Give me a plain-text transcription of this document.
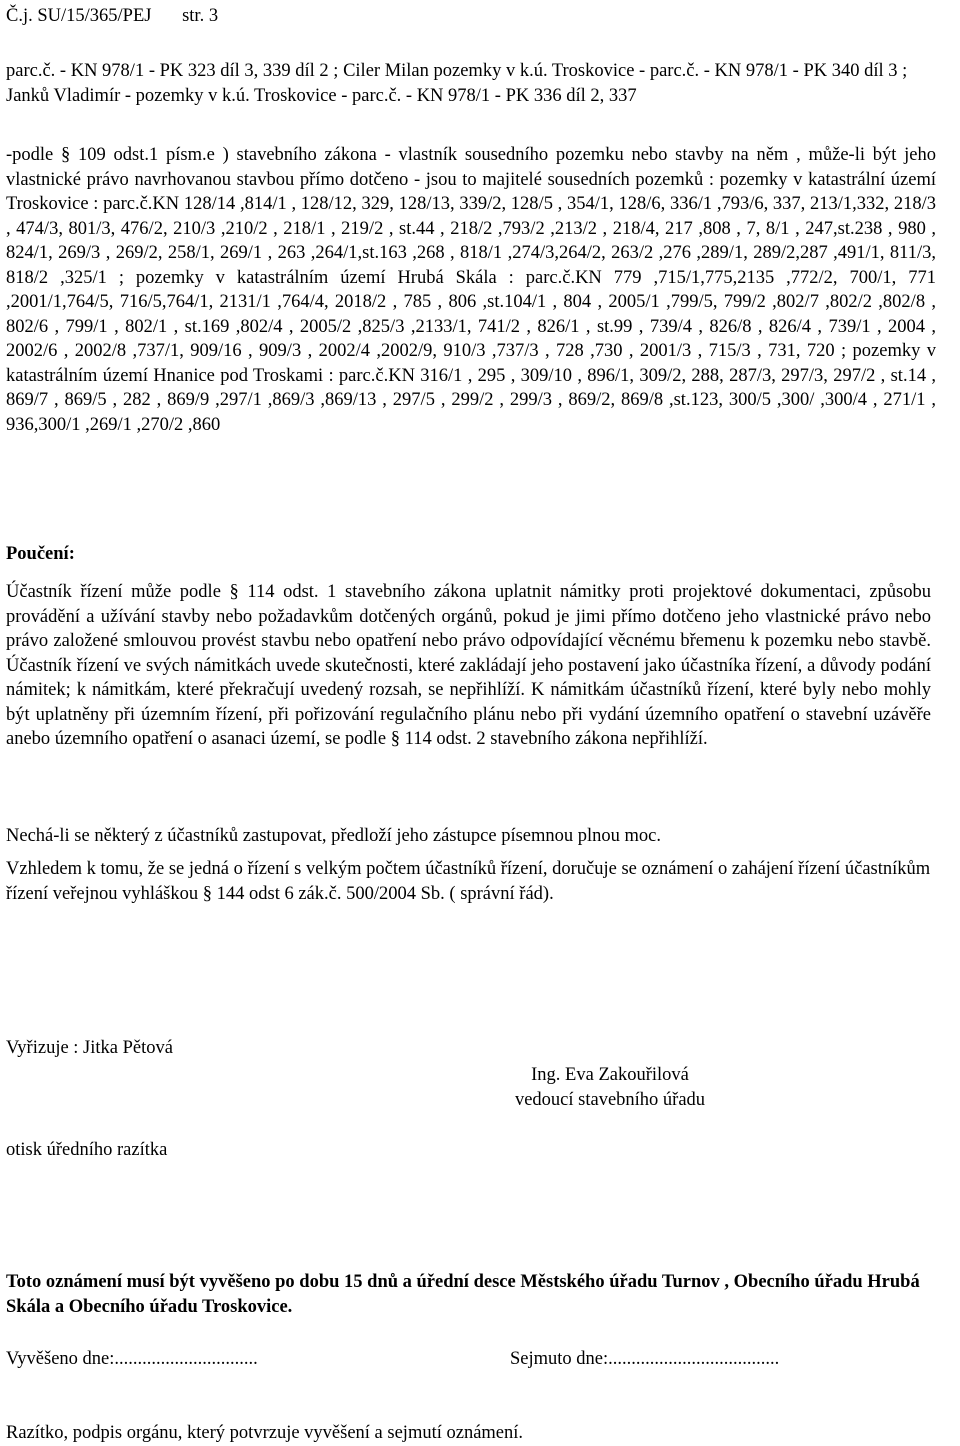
Č.j. SU/15/365/PEJ str. 3

parc.č. - KN 978/1 - PK 323 díl 3, 339 díl 2 ; Ciler Milan pozemky v k.ú. Troskovice - parc.č. - KN 978/1 - PK 340 díl 3 ; Janků Vladimír - pozemky v k.ú. Troskovice - parc.č. - KN 978/1 - PK 336 díl 2, 337

-podle § 109 odst.1 písm.e ) stavebního zákona - vlastník sousedního pozemku nebo stavby na něm , může-li být jeho vlastnické právo navrhovanou stavbou přímo dotčeno - jsou to majitelé sousedních pozemků : pozemky v katastrální území Troskovice : parc.č.KN 128/14 ,814/1 , 128/12, 329, 128/13, 339/2, 128/5 , 354/1, 128/6, 336/1 ,793/6, 337, 213/1,332, 218/3 , 474/3, 801/3, 476/2, 210/3 ,210/2 , 218/1 , 219/2 , st.44 , 218/2 ,793/2 ,213/2 , 218/4, 217 ,808 , 7, 8/1 , 247,st.238 , 980 , 824/1, 269/3 , 269/2, 258/1, 269/1 , 263 ,264/1,st.163 ,268 , 818/1 ,274/3,264/2, 263/2 ,276 ,289/1, 289/2,287 ,491/1, 811/3, 818/2 ,325/1 ; pozemky v katastrálním území Hrubá Skála : parc.č.KN 779 ,715/1,775,2135 ,772/2, 700/1, 771 ,2001/1,764/5, 716/5,764/1, 2131/1 ,764/4, 2018/2 , 785 , 806 ,st.104/1 , 804 , 2005/1 ,799/5, 799/2 ,802/7 ,802/2 ,802/8 , 802/6 , 799/1 , 802/1 , st.169 ,802/4 , 2005/2 ,825/3 ,2133/1, 741/2 , 826/1 , st.99 , 739/4 , 826/8 , 826/4 , 739/1 , 2004 , 2002/6 , 2002/8 ,737/1, 909/16 , 909/3 , 2002/4 ,2002/9, 910/3 ,737/3 , 728 ,730 , 2001/3 , 715/3 , 731, 720 ; pozemky v katastrálním území Hnanice pod Troskami : parc.č.KN 316/1 , 295 , 309/10 , 896/1, 309/2, 288, 287/3, 297/3, 297/2 , st.14 , 869/7 , 869/5 , 282 , 869/9 ,297/1 ,869/3 ,869/13 , 297/5 , 299/2 , 299/3 , 869/2, 869/8 ,st.123, 300/5 ,300/ ,300/4 , 271/1 , 936,300/1 ,269/1 ,270/2 ,860

Poučení:

Účastník řízení může podle § 114 odst. 1 stavebního zákona uplatnit námitky proti projektové dokumentaci, způsobu provádění a užívání stavby nebo požadavkům dotčených orgánů, pokud je jimi přímo dotčeno jeho vlastnické právo nebo právo založené smlouvou provést stavbu nebo opatření nebo právo odpovídající věcnému břemenu k pozemku nebo stavbě. Účastník řízení ve svých námitkách uvede skutečnosti, které zakládají jeho postavení jako účastníka řízení, a důvody podání námitek; k námitkám, které překračují uvedený rozsah, se nepřihlíží. K námitkám účastníků řízení, které byly nebo mohly být uplatněny při územním řízení, při pořizování regulačního plánu nebo při vydání územního opatření o stavební uzávěře anebo územního opatření o asanaci území, se podle § 114 odst. 2 stavebního zákona nepřihlíží.

Nechá-li se některý z účastníků zastupovat, předloží jeho zástupce písemnou plnou moc.

Vzhledem k tomu, že se jedná o řízení s velkým počtem účastníků řízení, doručuje se oznámení o zahájení řízení účastníkům řízení veřejnou vyhláškou § 144 odst 6 zák.č. 500/2004 Sb. ( správní řád).

Vyřizuje : Jitka Pětová
Ing. Eva Zakouřilová
vedoucí stavebního úřadu
otisk úředního razítka

Toto oznámení musí být vyvěšeno po dobu 15 dnů a úřední desce Městského úřadu Turnov , Obecního úřadu Hrubá Skála a Obecního úřadu Troskovice.

Vyvěšeno dne:...............................	Sejmuto dne:.....................................
Razítko, podpis orgánu, který potvrzuje vyvěšení a sejmutí oznámení.
